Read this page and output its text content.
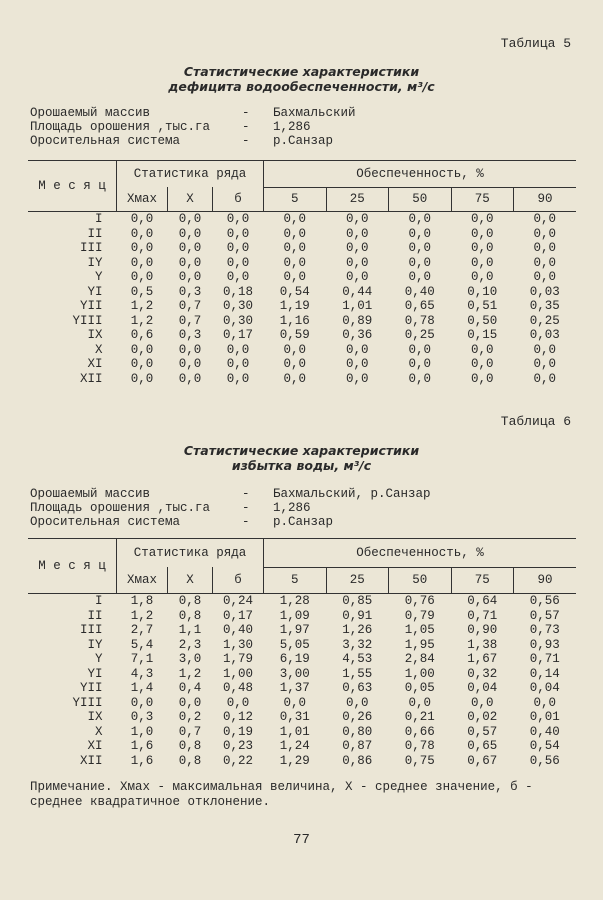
Таблица 5
Статистические характеристики
дефицита водообеспеченности, м³/с
Орошаемый массив	- Бахмальский
Площадь орошения ,тыс.га	- 1,286
Оросительная система	- р.Санзар
М е с я ц	Статистика ряда			Обеспеченность, %				
	Xмах	X	б	5	25	50	75	90
I	0,0	0,0	0,0	0,0	0,0	0,0	0,0	0,0
II	0,0	0,0	0,0	0,0	0,0	0,0	0,0	0,0
III	0,0	0,0	0,0	0,0	0,0	0,0	0,0	0,0
IY	0,0	0,0	0,0	0,0	0,0	0,0	0,0	0,0
Y	0,0	0,0	0,0	0,0	0,0	0,0	0,0	0,0
YI	0,5	0,3	0,18	0,54	0,44	0,40	0,10	0,03
YII	1,2	0,7	0,30	1,19	1,01	0,65	0,51	0,35
YIII	1,2	0,7	0,30	1,16	0,89	0,78	0,50	0,25
IX	0,6	0,3	0,17	0,59	0,36	0,25	0,15	0,03
X	0,0	0,0	0,0	0,0	0,0	0,0	0,0	0,0
XI	0,0	0,0	0,0	0,0	0,0	0,0	0,0	0,0
XII	0,0	0,0	0,0	0,0	0,0	0,0	0,0	0,0
Таблица 6
Статистические характеристики
избытка воды, м³/с
Орошаемый массив	- Бахмальский, р.Санзар
Площадь орошения ,тыс.га	- 1,286
Оросительная система	- р.Санзар
М е с я ц	Статистика ряда			Обеспеченность, %				
	Xмах	X	б	5	25	50	75	90
I	1,8	0,8	0,24	1,28	0,85	0,76	0,64	0,56
II	1,2	0,8	0,17	1,09	0,91	0,79	0,71	0,57
III	2,7	1,1	0,40	1,97	1,26	1,05	0,90	0,73
IY	5,4	2,3	1,30	5,05	3,32	1,95	1,38	0,93
Y	7,1	3,0	1,79	6,19	4,53	2,84	1,67	0,71
YI	4,3	1,2	1,00	3,00	1,55	1,00	0,32	0,14
YII	1,4	0,4	0,48	1,37	0,63	0,05	0,04	0,04
YIII	0,0	0,0	0,0	0,0	0,0	0,0	0,0	0,0
IX	0,3	0,2	0,12	0,31	0,26	0,21	0,02	0,01
X	1,0	0,7	0,19	1,01	0,80	0,66	0,57	0,40
XI	1,6	0,8	0,23	1,24	0,87	0,78	0,65	0,54
XII	1,6	0,8	0,22	1,29	0,86	0,75	0,67	0,56
Примечание. Xмах - максимальная величина, X - среднее значение, б - среднее квадратичное отклонение.
77
